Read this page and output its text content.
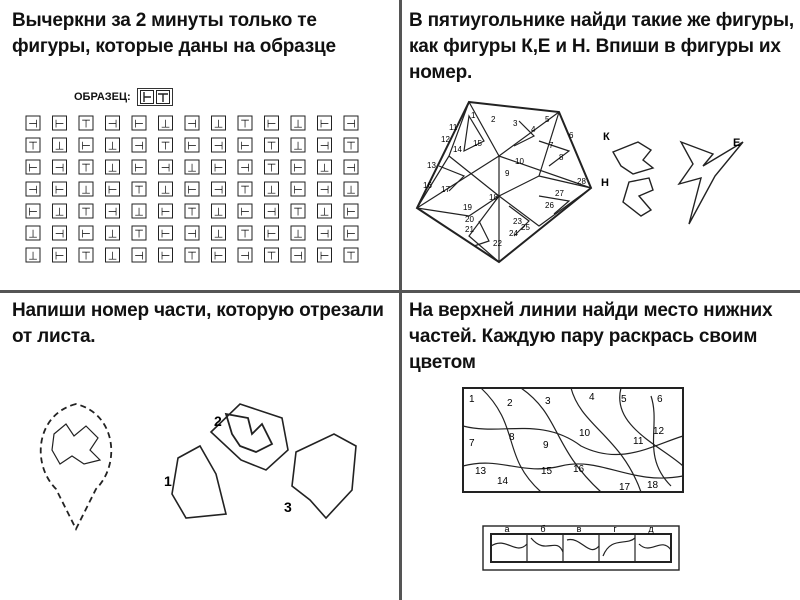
Вычеркни за 2 минуты только те фигуры, которые даны на образце

ОБРАЗЕЦ:
⊣ ⊢ ⊤ ⊣ ⊢ ⊥ ⊣ ⊥ ⊤ ⊢ ⊥ ⊢ ⊣
⊤ ⊥ ⊢ ⊥ ⊣ ⊤ ⊢ ⊣ ⊢ ⊤ ⊥ ⊣ ⊤
⊢ ⊣ ⊤ ⊥ ⊢ ⊣ ⊥ ⊢ ⊣ ⊤ ⊢ ⊥ ⊣
⊣ ⊢ ⊥ ⊢ ⊤ ⊥ ⊢ ⊣ ⊤ ⊥ ⊢ ⊣ ⊥
⊢ ⊥ ⊤ ⊣ ⊥ ⊢ ⊤ ⊥ ⊢ ⊣ ⊤ ⊥ ⊢
⊥ ⊣ ⊢ ⊥ ⊤ ⊢ ⊣ ⊥ ⊤ ⊢ ⊥ ⊣ ⊢
⊥ ⊢ ⊤ ⊥ ⊣ ⊢ ⊤ ⊢ ⊣ ⊤ ⊣ ⊢ ⊤

В пятиугольнике найди такие же фигуры, как фигуры К,Е и Н. Впиши в фигуры их номер.

1 2 3
4
5
6
7
8
9
10
11
12
13
14
15
16 17
18
19
20
21
22
23
24
25
26
27
28
К	Е
Н

Напиши номер части, которую отрезали от листа.

2
1
3

На верхней линии найди место нижних частей. Каждую пару раскрась своим цветом

1	2	3	4	5	6
7
8
9
10
11
12
13
14
15 16
17 18
а	б	в	г	д
